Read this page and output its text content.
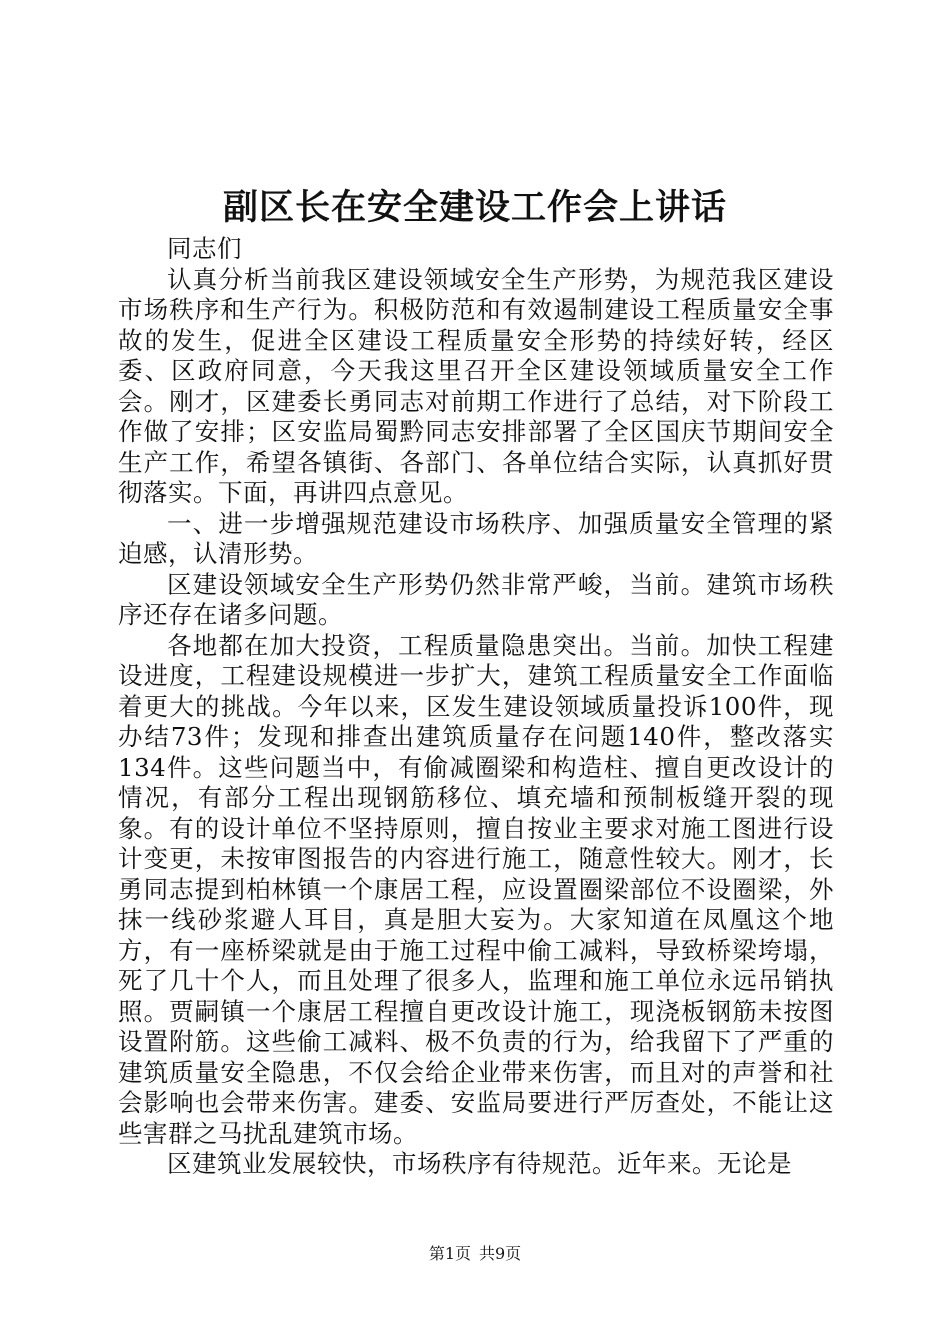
副区长在安全建设工作会上讲话

同志们

认真分析当前我区建设领域安全生产形势，为规范我区建设市场秩序和生产行为。积极防范和有效遏制建设工程质量安全事故的发生，促进全区建设工程质量安全形势的持续好转，经区委、区政府同意，今天我这里召开全区建设领域质量安全工作会。刚才，区建委长勇同志对前期工作进行了总结，对下阶段工作做了安排；区安监局蜀黔同志安排部署了全区国庆节期间安全生产工作，希望各镇街、各部门、各单位结合实际，认真抓好贯彻落实。下面，再讲四点意见。

一、进一步增强规范建设市场秩序、加强质量安全管理的紧迫感，认清形势。

区建设领域安全生产形势仍然非常严峻，当前。建筑市场秩序还存在诸多问题。

各地都在加大投资，工程质量隐患突出。当前。加快工程建设进度，工程建设规模进一步扩大，建筑工程质量安全工作面临着更大的挑战。今年以来，区发生建设领域质量投诉100件，现办结73件；发现和排查出建筑质量存在问题140件，整改落实134件。这些问题当中，有偷减圈梁和构造柱、擅自更改设计的情况，有部分工程出现钢筋移位、填充墙和预制板缝开裂的现象。有的设计单位不坚持原则，擅自按业主要求对施工图进行设计变更，未按审图报告的内容进行施工，随意性较大。刚才，长勇同志提到柏林镇一个康居工程，应设置圈梁部位不设圈梁，外抹一线砂浆避人耳目，真是胆大妄为。大家知道在凤凰这个地方，有一座桥梁就是由于施工过程中偷工减料，导致桥梁垮塌，死了几十个人，而且处理了很多人，监理和施工单位永远吊销执照。贾嗣镇一个康居工程擅自更改设计施工，现浇板钢筋未按图设置附筋。这些偷工减料、极不负责的行为，给我留下了严重的建筑质量安全隐患，不仅会给企业带来伤害，而且对的声誉和社会影响也会带来伤害。建委、安监局要进行严厉查处，不能让这些害群之马扰乱建筑市场。

区建筑业发展较快，市场秩序有待规范。近年来。无论是

第1页 共9页
